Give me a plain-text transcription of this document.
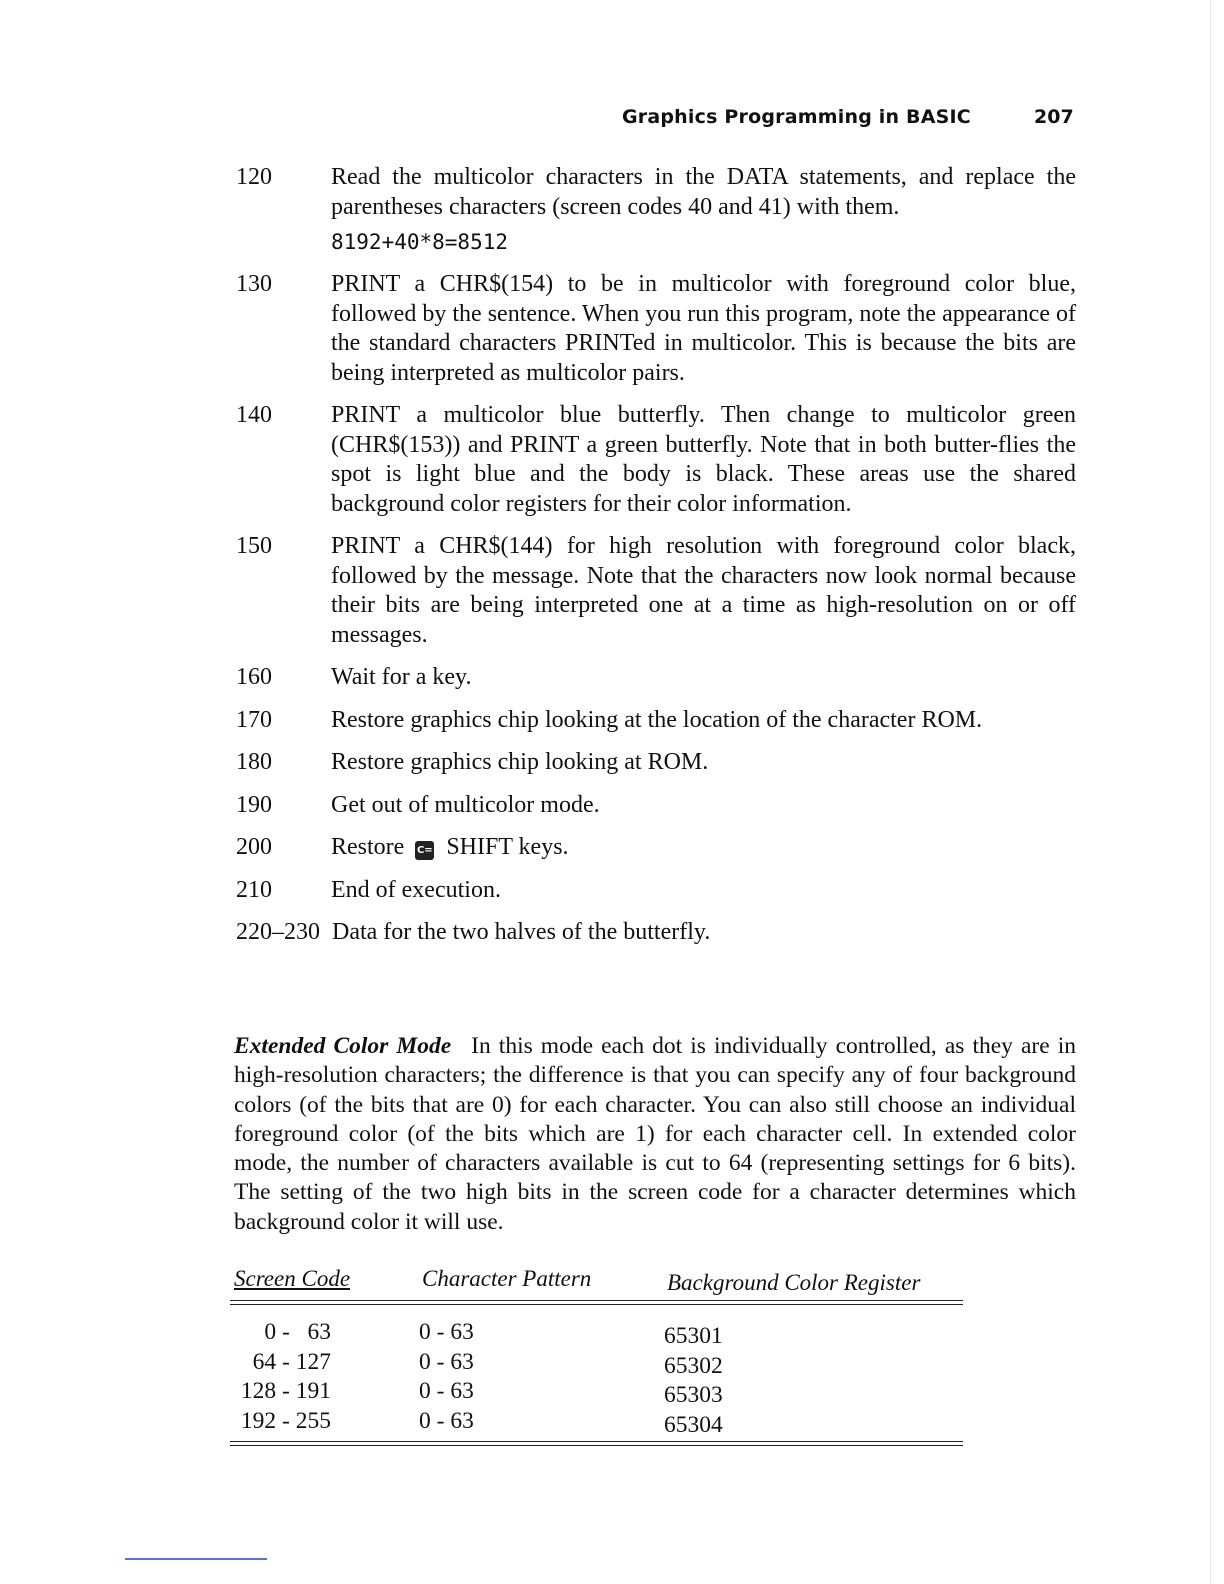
Graphics Programming in BASIC	207
120 Read the multicolor characters in the DATA statements, and replace the parentheses characters (screen codes 40 and 41) with them.
8192+40*8=8512
130 PRINT a CHR$(154) to be in multicolor with foreground color blue, followed by the sentence. When you run this program, note the appearance of the standard characters PRINTed in multicolor. This is because the bits are being interpreted as multicolor pairs.
140 PRINT a multicolor blue butterfly. Then change to multicolor green (CHR$(153)) and PRINT a green butterfly. Note that in both butter-flies the spot is light blue and the body is black. These areas use the shared background color registers for their color information.
150 PRINT a CHR$(144) for high resolution with foreground color black, followed by the message. Note that the characters now look normal because their bits are being interpreted one at a time as high-resolution on or off messages.
160 Wait for a key.
170 Restore graphics chip looking at the location of the character ROM.
180 Restore graphics chip looking at ROM.
190 Get out of multicolor mode.
200 Restore C= SHIFT keys.
210 End of execution.
220–230 Data for the two halves of the butterfly.
Extended Color Mode In this mode each dot is individually controlled, as they are in high-resolution characters; the difference is that you can specify any of four background colors (of the bits that are 0) for each character. You can also still choose an individual foreground color (of the bits which are 1) for each character cell. In extended color mode, the number of characters available is cut to 64 (representing settings for 6 bits). The setting of the two high bits in the screen code for a character determines which background color it will use.
Screen Code	Character Pattern	Background Color Register
0 -   63	0 - 63	65301
64 - 127	0 - 63	65302
128 - 191	0 - 63	65303
192 - 255	0 - 63	65304
